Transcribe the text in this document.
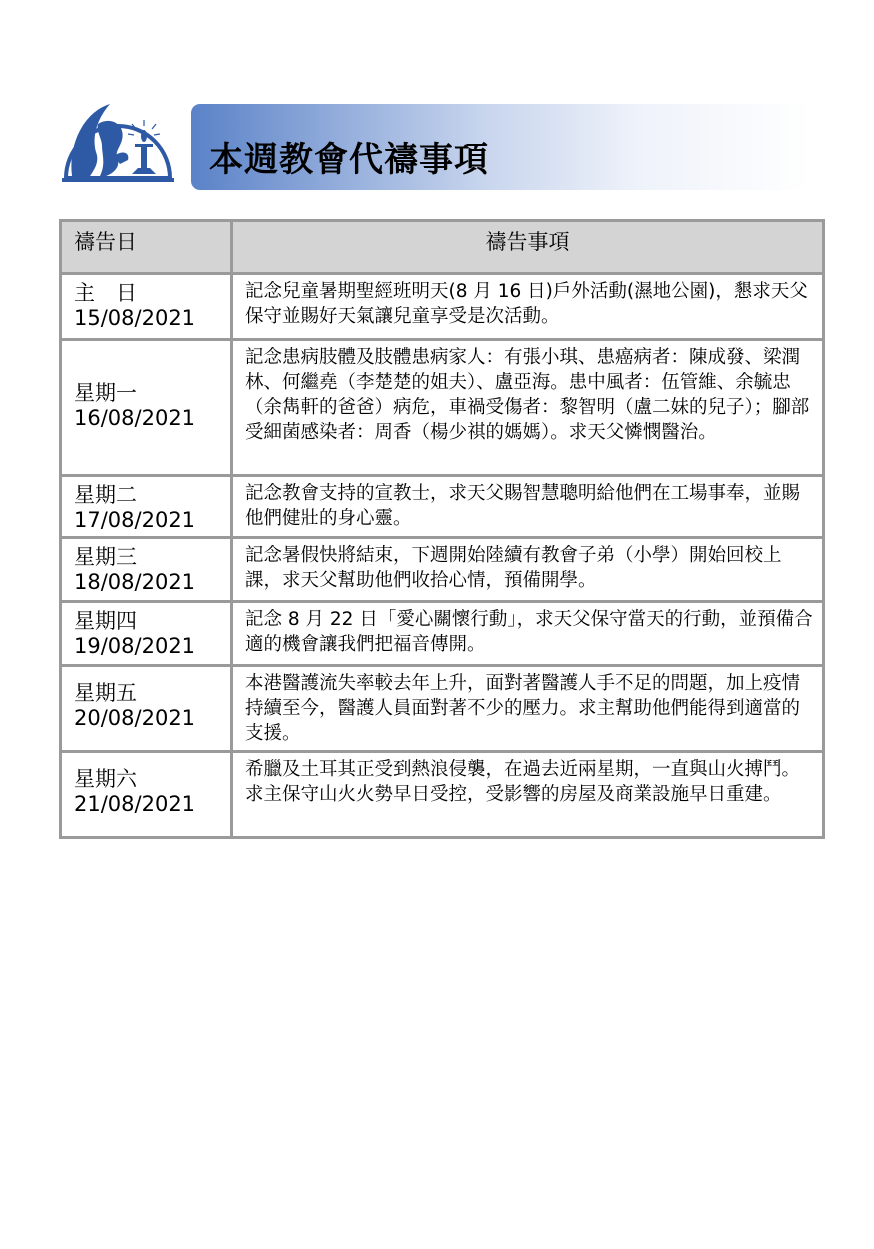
本週教會代禱事項
禱告日	禱告事項

主　日
15/08/2021	記念兒童暑期聖經班明天(8 月 16 日)戶外活動(濕地公園)，懇求天父保守並賜好天氣讓兒童享受是次活動。

星期一
16/08/2021	記念患病肢體及肢體患病家人：有張小琪、患癌病者：陳成發、梁潤林、何繼堯（李楚楚的姐夫）、盧亞海。患中風者：伍管維、余毓忠（余雋軒的爸爸）病危，車禍受傷者：黎智明（盧二妹的兒子）；腳部受細菌感染者：周香（楊少祺的媽媽）。求天父憐憫醫治。

星期二
17/08/2021	記念教會支持的宣教士，求天父賜智慧聰明給他們在工場事奉，並賜他們健壯的身心靈。

星期三
18/08/2021	記念暑假快將結束，下週開始陸續有教會子弟（小學）開始回校上課，求天父幫助他們收拾心情，預備開學。

星期四
19/08/2021	記念 8 月 22 日「愛心關懷行動」，求天父保守當天的行動，並預備合適的機會讓我們把福音傳開。

星期五
20/08/2021	本港醫護流失率較去年上升，面對著醫護人手不足的問題，加上疫情持續至今，醫護人員面對著不少的壓力。求主幫助他們能得到適當的支援。

星期六
21/08/2021	希臘及土耳其正受到熱浪侵襲，在過去近兩星期，一直與山火搏鬥。求主保守山火火勢早日受控，受影響的房屋及商業設施早日重建。
